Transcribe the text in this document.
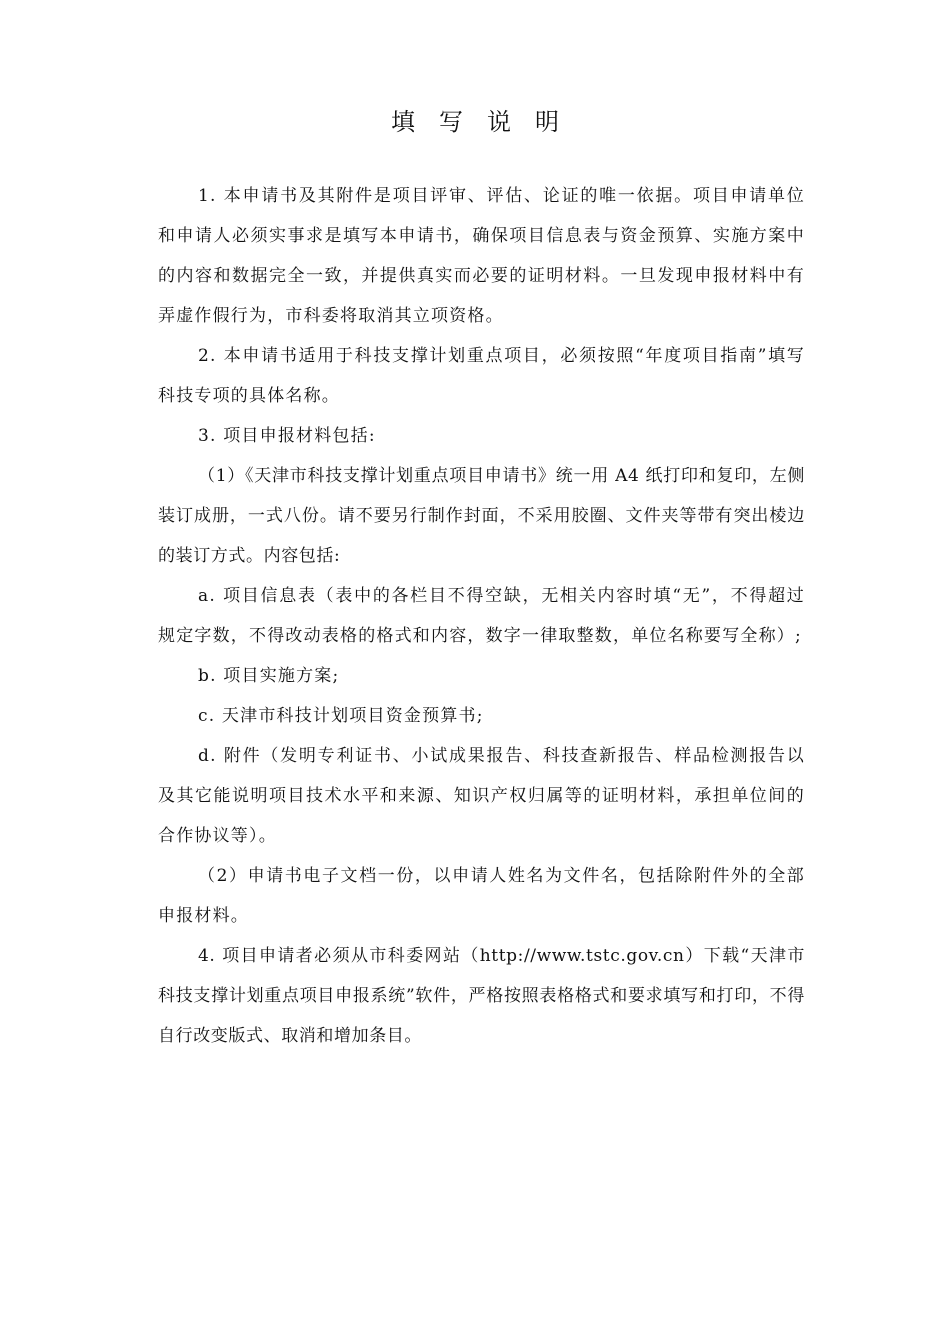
填写说明

1. 本申请书及其附件是项目评审、评估、论证的唯一依据。项目申请单位和申请人必须实事求是填写本申请书，确保项目信息表与资金预算、实施方案中的内容和数据完全一致，并提供真实而必要的证明材料。一旦发现申报材料中有弄虚作假行为，市科委将取消其立项资格。

2. 本申请书适用于科技支撑计划重点项目，必须按照“年度项目指南”填写科技专项的具体名称。

3. 项目申报材料包括:

（1）《天津市科技支撑计划重点项目申请书》统一用 A4 纸打印和复印，左侧装订成册，一式八份。请不要另行制作封面，不采用胶圈、文件夹等带有突出棱边的装订方式。内容包括:

a. 项目信息表（表中的各栏目不得空缺，无相关内容时填“无”，不得超过规定字数，不得改动表格的格式和内容，数字一律取整数，单位名称要写全称）;

b. 项目实施方案;

c. 天津市科技计划项目资金预算书;

d. 附件（发明专利证书、小试成果报告、科技查新报告、样品检测报告以及其它能说明项目技术水平和来源、知识产权归属等的证明材料，承担单位间的合作协议等）。

（2）申请书电子文档一份，以申请人姓名为文件名，包括除附件外的全部申报材料。

4. 项目申请者必须从市科委网站（http://www.tstc.gov.cn）下载“天津市科技支撑计划重点项目申报系统”软件，严格按照表格格式和要求填写和打印，不得自行改变版式、取消和增加条目。
